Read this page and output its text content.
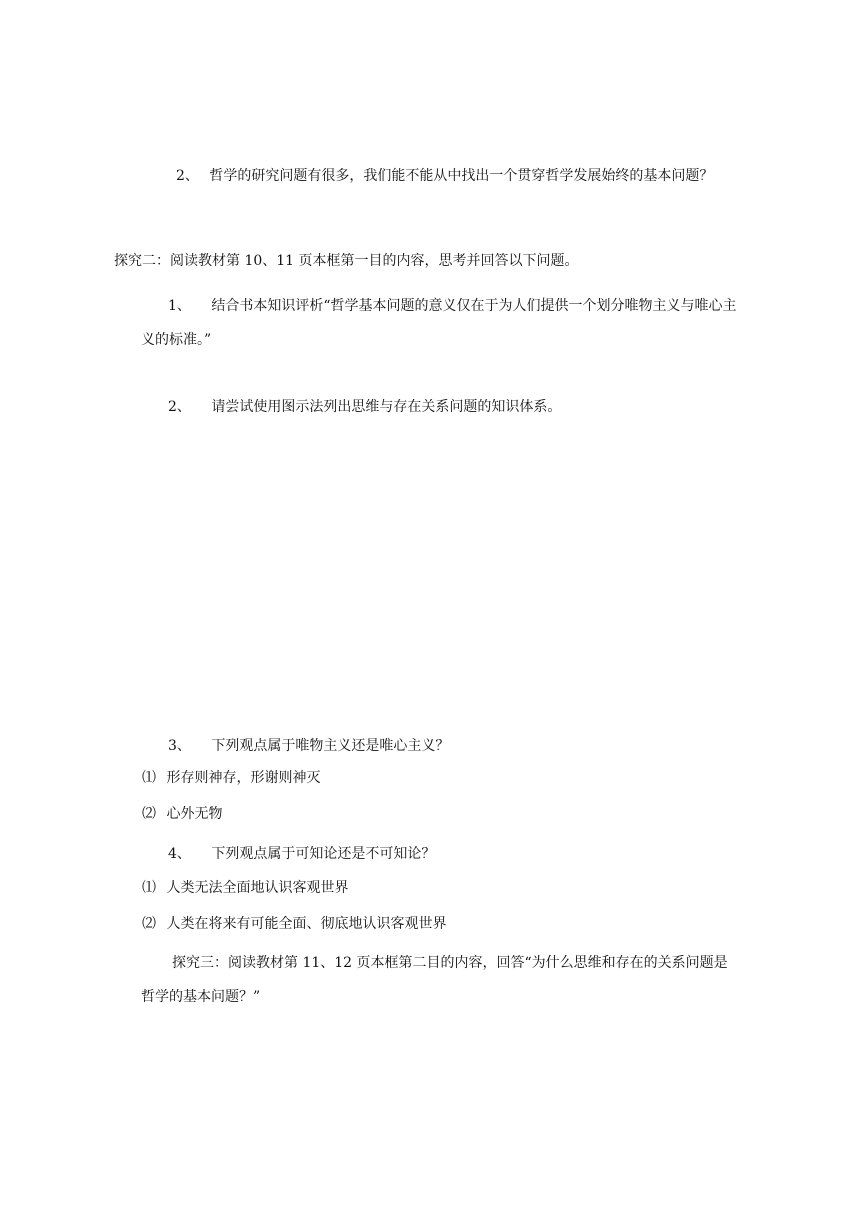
2、 哲学的研究问题有很多，我们能不能从中找出一个贯穿哲学发展始终的基本问题？
探究二：阅读教材第 10、11 页本框第一目的内容，思考并回答以下问题。
1、 结合书本知识评析“哲学基本问题的意义仅在于为人们提供一个划分唯物主义与唯心主
义的标准。”
2、 请尝试使用图示法列出思维与存在关系问题的知识体系。
3、 下列观点属于唯物主义还是唯心主义？
⑴ 形存则神存，形谢则神灭
⑵ 心外无物
4、 下列观点属于可知论还是不可知论？
⑴ 人类无法全面地认识客观世界
⑵ 人类在将来有可能全面、彻底地认识客观世界
探究三：阅读教材第 11、12 页本框第二目的内容，回答“为什么思维和存在的关系问题是
哲学的基本问题？”
